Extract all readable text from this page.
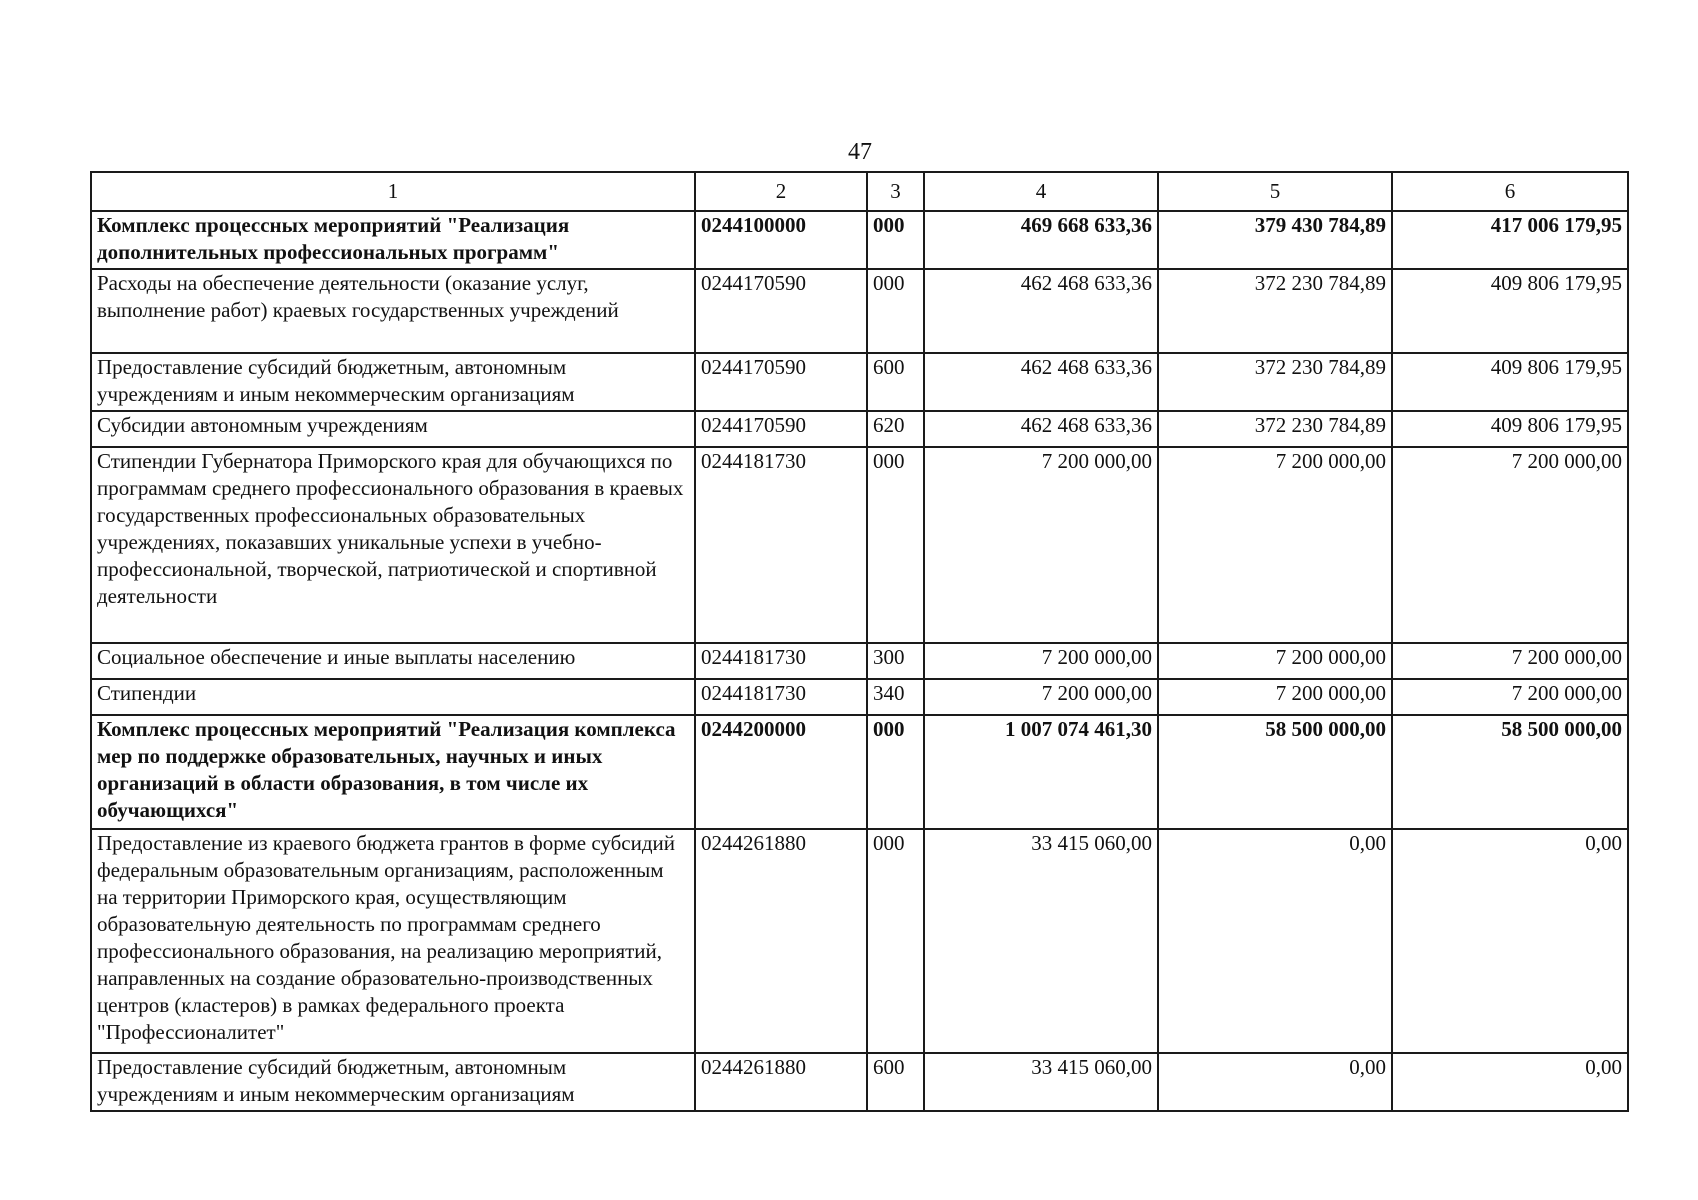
47
1	2	3	4	5	6
Комплекс процессных мероприятий "Реализация дополнительных профессиональных программ"	0244100000	000	469 668 633,36	379 430 784,89	417 006 179,95
Расходы на обеспечение деятельности (оказание услуг, выполнение работ) краевых государственных учреждений	0244170590	000	462 468 633,36	372 230 784,89	409 806 179,95
Предоставление субсидий бюджетным, автономным учреждениям и иным некоммерческим организациям	0244170590	600	462 468 633,36	372 230 784,89	409 806 179,95
Субсидии автономным учреждениям	0244170590	620	462 468 633,36	372 230 784,89	409 806 179,95
Стипендии Губернатора Приморского края для обучающихся по программам среднего профессионального образования в краевых государственных профессиональных образовательных учреждениях, показавших уникальные успехи в учебно-профессиональной, творческой, патриотической и спортивной деятельности	0244181730	000	7 200 000,00	7 200 000,00	7 200 000,00
Социальное обеспечение и иные выплаты населению	0244181730	300	7 200 000,00	7 200 000,00	7 200 000,00
Стипендии	0244181730	340	7 200 000,00	7 200 000,00	7 200 000,00
Комплекс процессных мероприятий "Реализация комплекса мер по поддержке образовательных, научных и иных организаций в области образования, в том числе их обучающихся"	0244200000	000	1 007 074 461,30	58 500 000,00	58 500 000,00
Предоставление из краевого бюджета грантов в форме субсидий федеральным образовательным организациям, расположенным на территории Приморского края, осуществляющим образовательную деятельность по программам среднего профессионального образования, на реализацию мероприятий, направленных на создание образовательно-производственных центров (кластеров) в рамках федерального проекта "Профессионалитет"	0244261880	000	33 415 060,00	0,00	0,00
Предоставление субсидий бюджетным, автономным учреждениям и иным некоммерческим организациям	0244261880	600	33 415 060,00	0,00	0,00
